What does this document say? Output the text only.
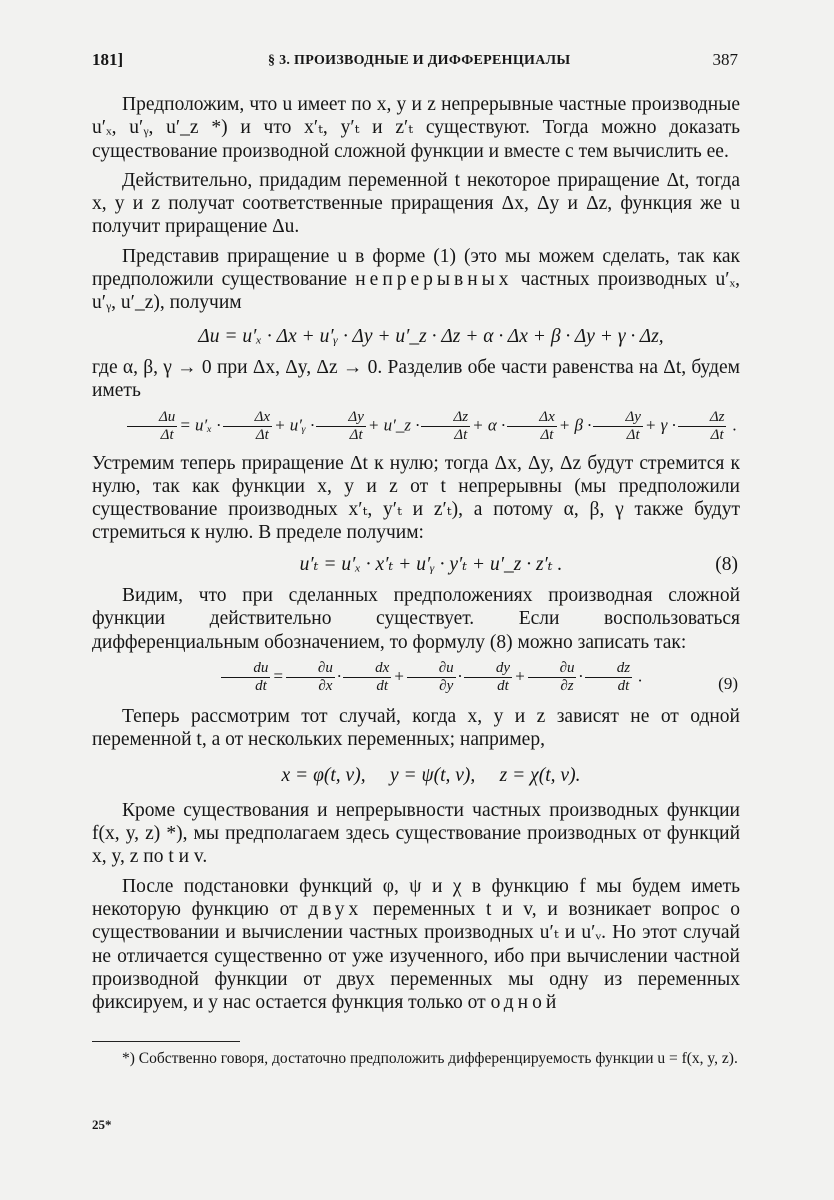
181]	§ 3. ПРОИЗВОДНЫЕ И ДИФФЕРЕНЦИАЛЫ	387

Предположим, что u имеет по x, y и z непрерывные частные производные u′ₓ, u′ᵧ, u′_z *) и что x′ₜ, y′ₜ и z′ₜ существуют. Тогда можно доказать существование производной сложной функции и вместе с тем вычислить ее.

Действительно, придадим переменной t некоторое приращение Δt, тогда x, y и z получат соответственные приращения Δx, Δy и Δz, функция же u получит приращение Δu.

Представив приращение u в форме (1) (это мы можем сделать, так как предположили существование непрерывных частных производных u′ₓ, u′ᵧ, u′_z), получим

Δu = u′ₓ · Δx + u′ᵧ · Δy + u′_z · Δz + α · Δx + β · Δy + γ · Δz,

где α, β, γ → 0 при Δx, Δy, Δz → 0. Разделив обе части равенства на Δt, будем иметь

$\frac{\Delta u}{\Delta t} = u'_x \cdot \frac{\Delta x}{\Delta t}$ + u′ᵧ · $\frac{\Delta y}{\Delta t}$ + u′_z · $\frac{\Delta z}{\Delta t} + \alpha \cdot \frac{\Delta x}{\Delta t} + \beta \cdot \frac{\Delta y}{\Delta t} + \gamma \cdot \frac{\Delta z}{\Delta t}$ .

Устремим теперь приращение Δt к нулю; тогда Δx, Δy, Δz будут стремится к нулю, так как функции x, y и z от t непрерывны (мы предположили существование производных x′ₜ, y′ₜ и z′ₜ), а потому α, β, γ также будут стремиться к нулю. В пределе получим:

u′ₜ = u′ₓ · x′ₜ + u′ᵧ · y′ₜ + u′_z · z′ₜ .	(8)

Видим, что при сделанных предположениях производная сложной функции действительно существует. Если воспользоваться дифференциальным обозначением, то формулу (8) можно записать так:

$\frac{du}{dt} = \frac{\partial u}{\partial x} \cdot \frac{dx}{dt} + \frac{\partial u}{\partial y} \cdot \frac{dy}{dt} + \frac{\partial u}{\partial z} \cdot \frac{dz}{dt}$ .	(9)

Теперь рассмотрим тот случай, когда x, y и z зависят не от одной переменной t, а от нескольких переменных; например,

x = φ(t, v),     y = ψ(t, v),     z = χ(t, v).

Кроме существования и непрерывности частных производных функции f(x, y, z) *), мы предполагаем здесь существование производных от функций x, y, z по t и v.

После подстановки функций φ, ψ и χ в функцию f мы будем иметь некоторую функцию от двух переменных t и v, и возникает вопрос о существовании и вычислении частных производных u′ₜ и u′ᵥ. Но этот случай не отличается существенно от уже изученного, ибо при вычислении частной производной функции от двух переменных мы одну из переменных фиксируем, и у нас остается функция только от одной

*) Собственно говоря, достаточно предположить дифференцируемость функции u = f(x, y, z).

25*
